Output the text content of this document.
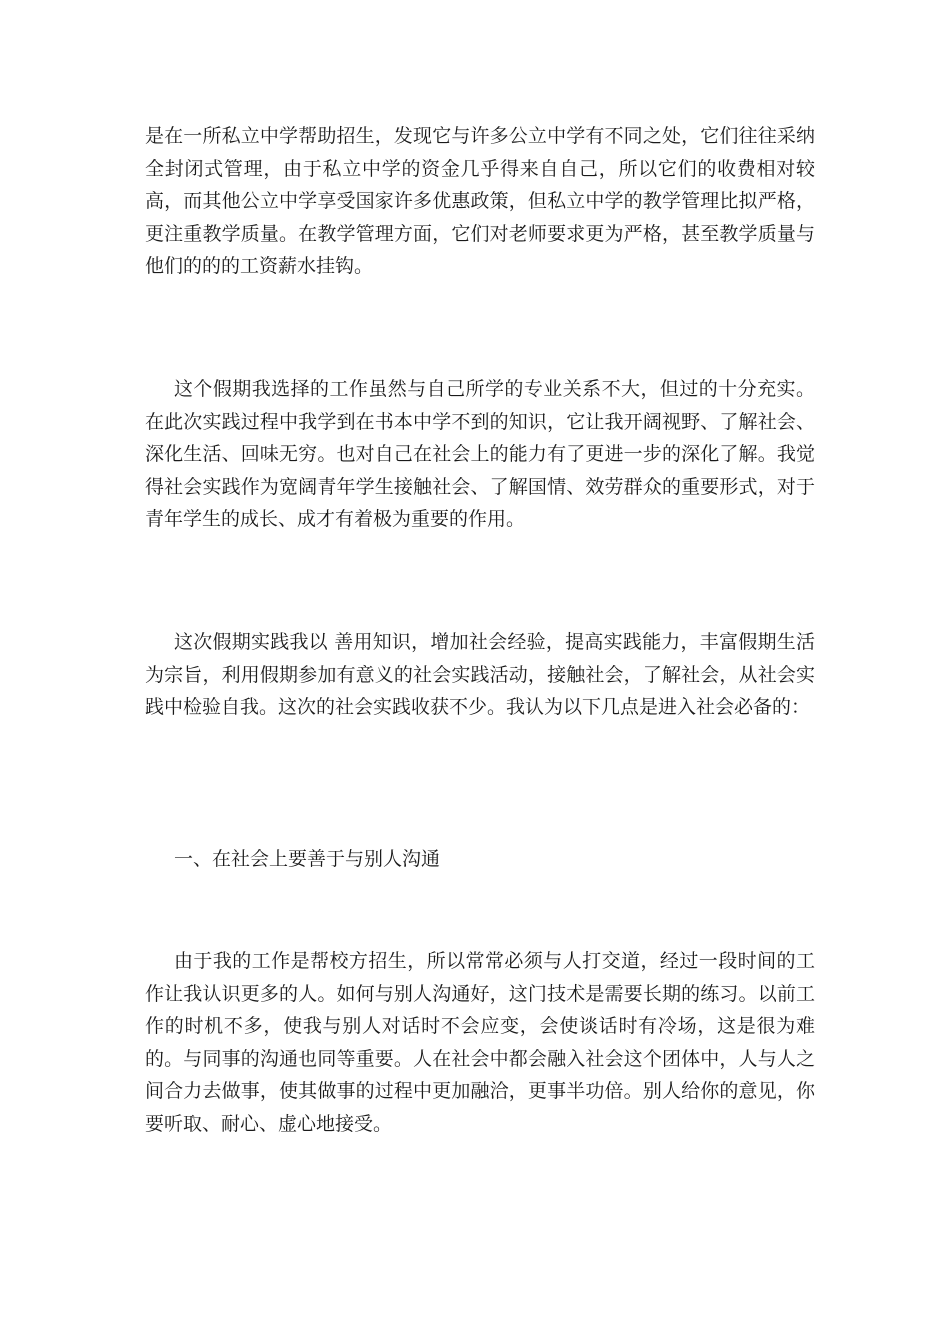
是在一所私立中学帮助招生，发现它与许多公立中学有不同之处，它们往往采纳全封闭式管理，由于私立中学的资金几乎得来自自己，所以它们的收费相对较高，而其他公立中学享受国家许多优惠政策，但私立中学的教学管理比拟严格，更注重教学质量。在教学管理方面，它们对老师要求更为严格，甚至教学质量与他们的的的工资薪水挂钩。

这个假期我选择的工作虽然与自己所学的专业关系不大，但过的十分充实。在此次实践过程中我学到在书本中学不到的知识，它让我开阔视野、了解社会、深化生活、回味无穷。也对自己在社会上的能力有了更进一步的深化了解。我觉得社会实践作为宽阔青年学生接触社会、了解国情、效劳群众的重要形式，对于青年学生的成长、成才有着极为重要的作用。

这次假期实践我以 善用知识，增加社会经验，提高实践能力，丰富假期生活 为宗旨，利用假期参加有意义的社会实践活动，接触社会，了解社会，从社会实践中检验自我。这次的社会实践收获不少。我认为以下几点是进入社会必备的：

一、在社会上要善于与别人沟通

由于我的工作是帮校方招生，所以常常必须与人打交道，经过一段时间的工作让我认识更多的人。如何与别人沟通好，这门技术是需要长期的练习。以前工作的时机不多，使我与别人对话时不会应变，会使谈话时有冷场，这是很为难的。与同事的沟通也同等重要。人在社会中都会融入社会这个团体中，人与人之间合力去做事，使其做事的过程中更加融洽，更事半功倍。别人给你的意见，你要听取、耐心、虚心地接受。
